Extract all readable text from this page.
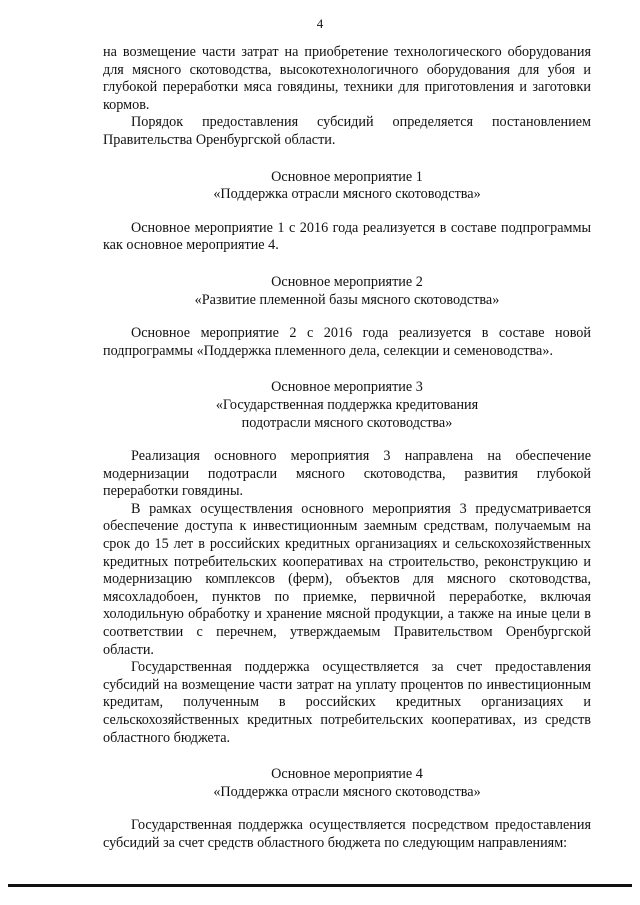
4

на возмещение части затрат на приобретение технологического оборудования для мясного скотоводства, высокотехнологичного оборудования для убоя и глубокой переработки мяса говядины, техники для приготовления и заготовки кормов.

Порядок предоставления субсидий определяется постановлением Правительства Оренбургской области.

Основное мероприятие 1

«Поддержка отрасли мясного скотоводства»

Основное мероприятие 1 с 2016 года реализуется в составе подпрограммы как основное мероприятие 4.

Основное мероприятие 2

«Развитие племенной базы мясного скотоводства»

Основное мероприятие 2 с 2016 года реализуется в составе новой подпрограммы «Поддержка племенного дела, селекции и семеноводства».

Основное мероприятие 3

«Государственная поддержка кредитования

подотрасли мясного скотоводства»

Реализация основного мероприятия 3 направлена на обеспечение модернизации подотрасли мясного скотоводства, развития глубокой переработки говядины.

В рамках осуществления основного мероприятия 3 предусматривается обеспечение доступа к инвестиционным заемным средствам, получаемым на срок до 15 лет в российских кредитных организациях и сельскохозяйственных кредитных потребительских кооперативах на строительство, реконструкцию и модернизацию комплексов (ферм), объектов для мясного скотоводства, мясохладобоен, пунктов по приемке, первичной переработке, включая холодильную обработку и хранение мясной продукции, а также на иные цели в соответствии с перечнем, утверждаемым Правительством Оренбургской области.

Государственная поддержка осуществляется за счет предоставления субсидий на возмещение части затрат на уплату процентов по инвестиционным кредитам, полученным в российских кредитных организациях и сельскохозяйственных кредитных потребительских кооперативах, из средств областного бюджета.

Основное мероприятие 4

«Поддержка отрасли мясного скотоводства»

Государственная поддержка осуществляется посредством предоставления субсидий за счет средств областного бюджета по следующим направлениям:
